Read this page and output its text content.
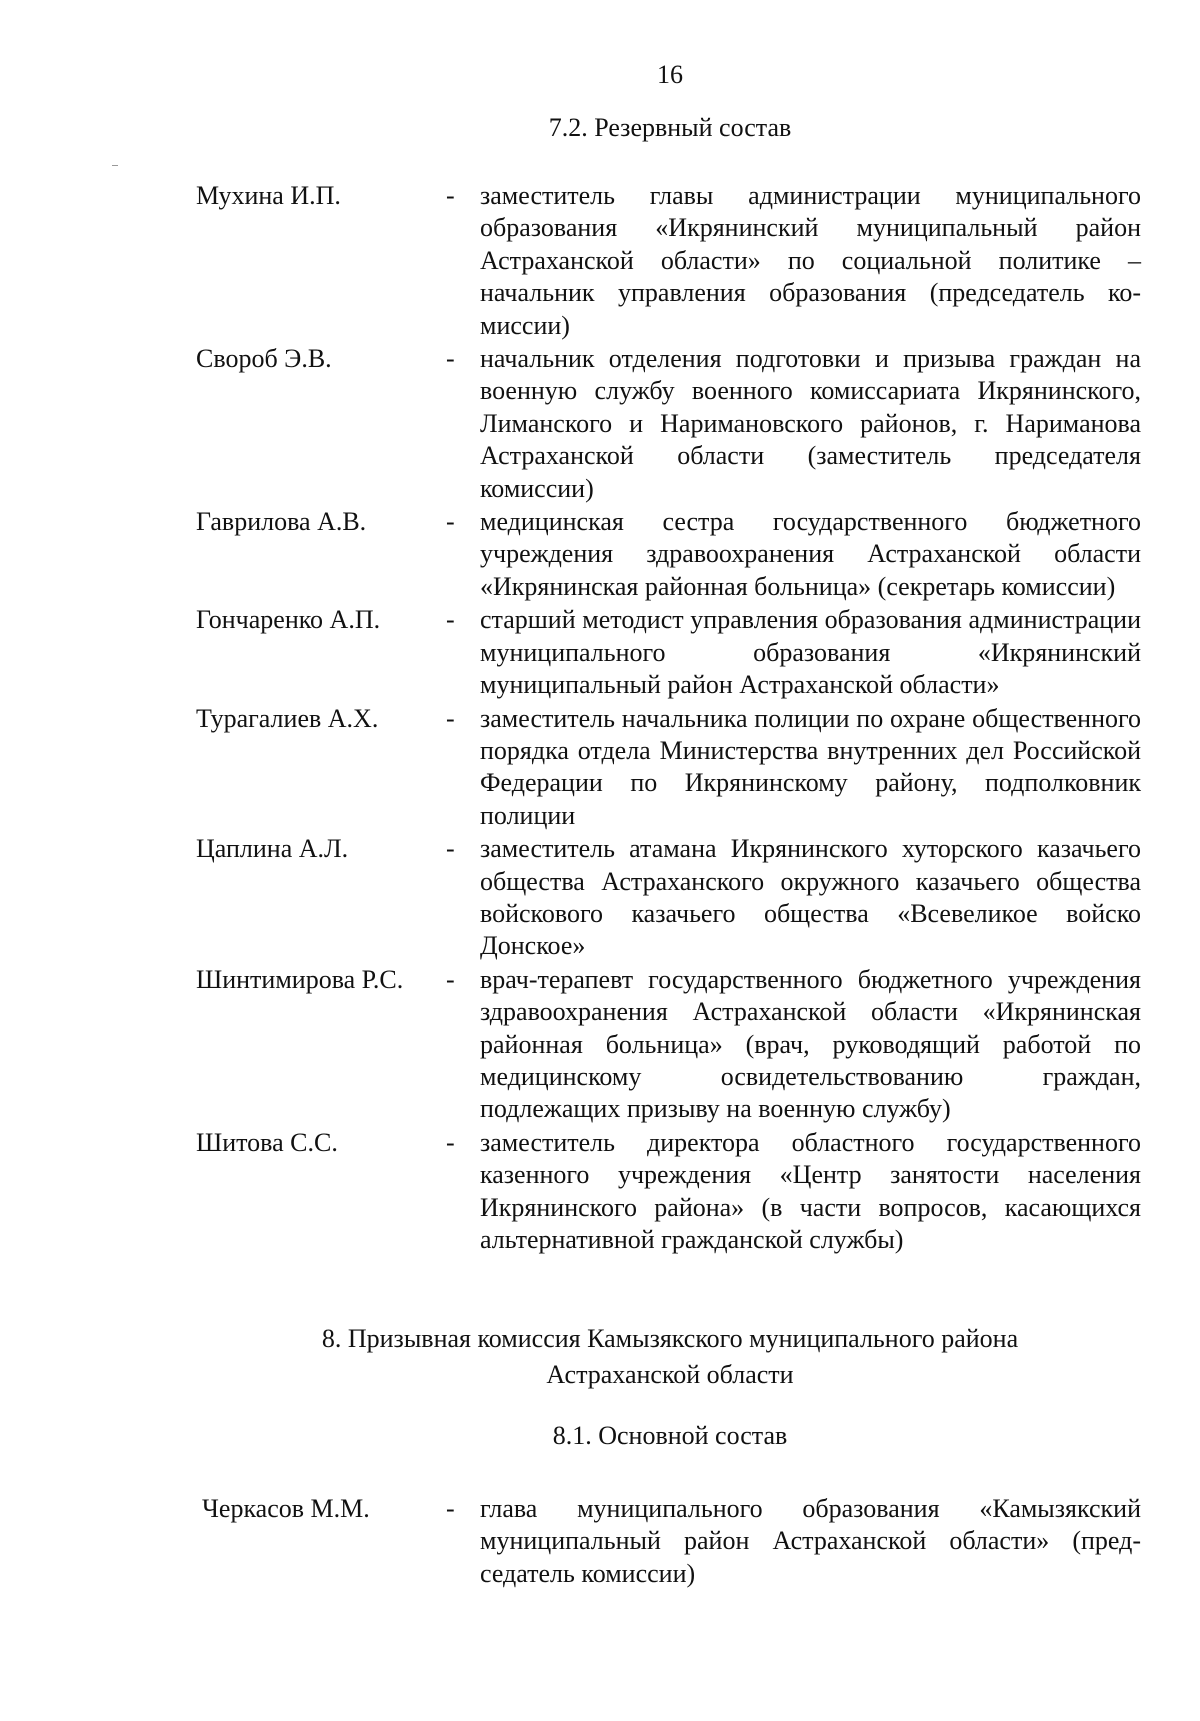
16
7.2. Резервный состав
Мухина И.П.	- заместитель главы администрации муниципального образования «Икрянинский муниципальный район Астраханской области» по социальной политике – начальник управления образования (председатель комиссии)
Свороб Э.В.	- начальник отделения подготовки и призыва граждан на военную службу военного комиссариата Икрянинского, Лиманского и Наримановского районов, г. Нариманова Астраханской области (заместитель председателя комиссии)
Гаврилова А.В.	- медицинская сестра государственного бюджетного учреждения здравоохранения Астраханской области «Икрянинская районная больница» (секретарь комиссии)
Гончаренко А.П.	- старший методист управления образования администрации муниципального образования «Икрянинский муниципальный район Астраханской области»
Турагалиев А.Х.	- заместитель начальника полиции по охране общественного порядка отдела Министерства внутренних дел Российской Федерации по Икрянинскому району, подполковник полиции
Цаплина А.Л.	- заместитель атамана Икрянинского хуторского казачьего общества Астраханского окружного казачьего общества войскового казачьего общества «Всевеликое войско Донское»
Шинтимирова Р.С.	- врач-терапевт государственного бюджетного учреждения здравоохранения Астраханской области «Икрянинская районная больница» (врач, руководящий работой по медицинскому освидетельствованию граждан, подлежащих призыву на военную службу)
Шитова С.С.	- заместитель директора областного государственного казенного учреждения «Центр занятости населения Икрянинского района» (в части вопросов, касающихся альтернативной гражданской службы)
8. Призывная комиссия Камызякского муниципального района
Астраханской области
8.1. Основной состав
Черкасов М.М.	- глава муниципального образования «Камызякский муниципальный район Астраханской области» (председатель комиссии)
